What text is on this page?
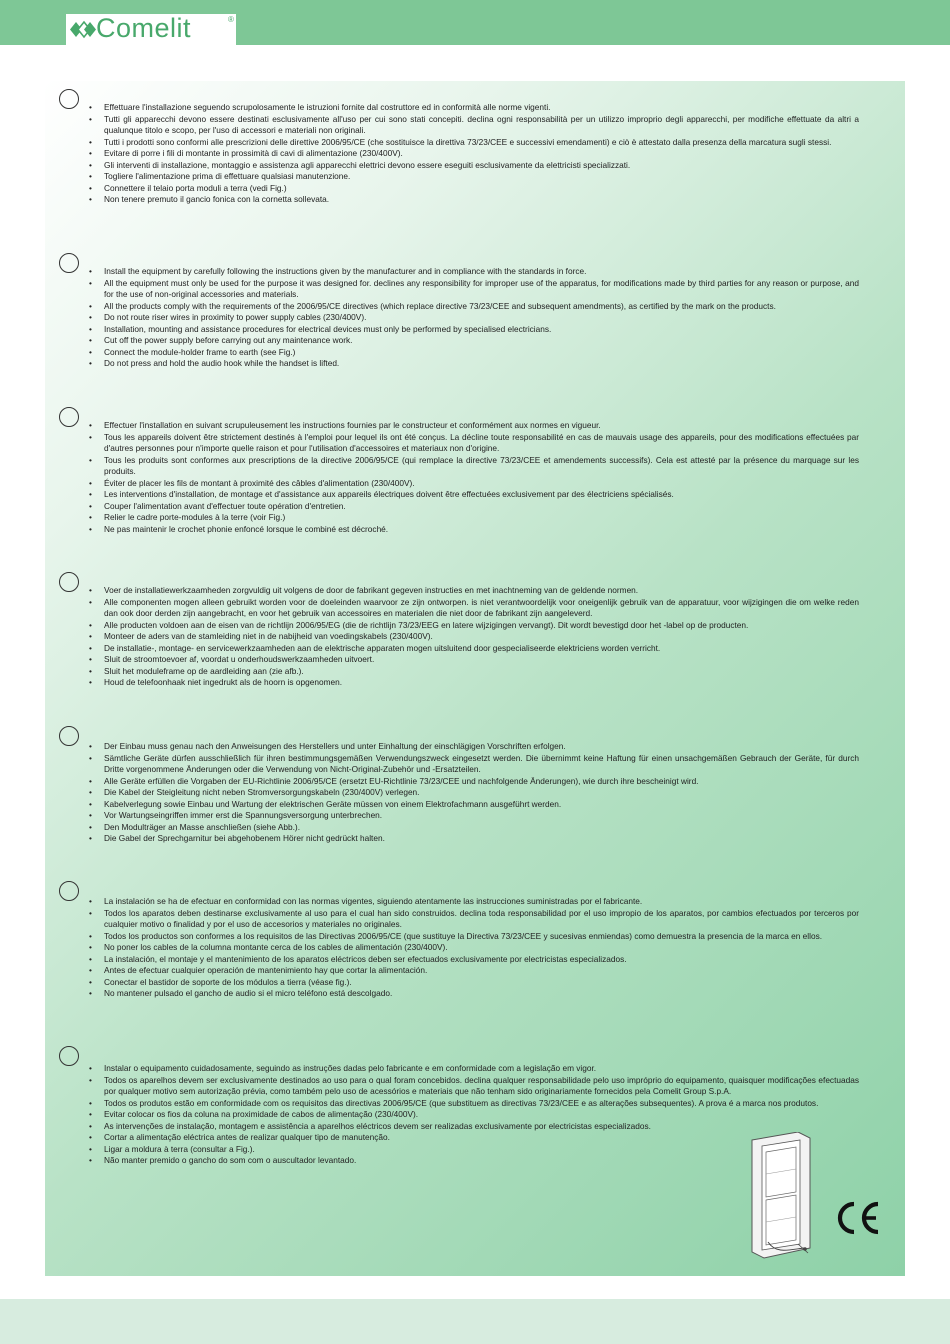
Comelit	®
• Effettuare l'installazione seguendo scrupolosamente le istruzioni fornite dal costruttore ed in conformità alle norme vigenti.
• Tutti gli apparecchi devono essere destinati esclusivamente all'uso per cui sono stati concepiti. declina ogni responsabilità per un utilizzo improprio degli apparecchi, per modifiche effettuate da altri a qualunque titolo e scopo, per l'uso di accessori e materiali non originali.
• Tutti i prodotti sono conformi alle prescrizioni delle direttive 2006/95/CE (che sostituisce la direttiva 73/23/CEE e successivi emendamenti) e ciò è attestato dalla presenza della marcatura sugli stessi.
• Evitare di porre i fili di montante in prossimità di cavi di alimentazione (230/400V).
• Gli interventi di installazione, montaggio e assistenza agli apparecchi elettrici devono essere eseguiti esclusivamente da elettricisti specializzati.
• Togliere l'alimentazione prima di effettuare qualsiasi manutenzione.
• Connettere il telaio porta moduli a terra (vedi Fig.)
• Non tenere premuto il gancio fonica con la cornetta sollevata.
• Install the equipment by carefully following the instructions given by the manufacturer and in compliance with the standards in force.
• All the equipment must only be used for the purpose it was designed for. declines any responsibility for improper use of the apparatus, for modifications made by third parties for any reason or purpose, and for the use of non-original accessories and materials.
• All the products comply with the requirements of the 2006/95/CE directives (which replace directive 73/23/CEE and subsequent amendments), as certified by the mark on the products.
• Do not route riser wires in proximity to power supply cables (230/400V).
• Installation, mounting and assistance procedures for electrical devices must only be performed by specialised electricians.
• Cut off the power supply before carrying out any maintenance work.
• Connect the module-holder frame to earth (see Fig.)
• Do not press and hold the audio hook while the handset is lifted.
• Effectuer l'installation en suivant scrupuleusement les instructions fournies par le constructeur et conformément aux normes en vigueur.
• Tous les appareils doivent être strictement destinés à l'emploi pour lequel ils ont été conçus. La décline toute responsabilité en cas de mauvais usage des appareils, pour des modifications effectuées par d'autres personnes pour n'importe quelle raison et pour l'utilisation d'accessoires et materiaux non d'origine.
• Tous les produits sont conformes aux prescriptions de la directive 2006/95/CE (qui remplace la directive 73/23/CEE et amendements successifs). Cela est attesté par la présence du marquage sur les produits.
• Éviter de placer les fils de montant à proximité des câbles d'alimentation (230/400V).
• Les interventions d'installation, de montage et d'assistance aux appareils électriques doivent être effectuées exclusivement par des électriciens spécialisés.
• Couper l'alimentation avant d'effectuer toute opération d'entretien.
• Relier le cadre porte-modules à la terre (voir Fig.)
• Ne pas maintenir le crochet phonie enfoncé lorsque le combiné est décroché.
• Voer de installatiewerkzaamheden zorgvuldig uit volgens de door de fabrikant gegeven instructies en met inachtneming van de geldende normen.
• Alle componenten mogen alleen gebruikt worden voor de doeleinden waarvoor ze zijn ontworpen. is niet verantwoordelijk voor oneigenlijk gebruik van de apparatuur, voor wijzigingen die om welke reden dan ook door derden zijn aangebracht, en voor het gebruik van accessoires en materialen die niet door de fabrikant zijn aangeleverd.
• Alle producten voldoen aan de eisen van de richtlijn 2006/95/EG (die de richtlijn 73/23/EEG en latere wijzigingen vervangt). Dit wordt bevestigd door het -label op de producten.
• Monteer de aders van de stamleiding niet in de nabijheid van voedingskabels (230/400V).
• De installatie-, montage- en servicewerkzaamheden aan de elektrische apparaten mogen uitsluitend door gespecialiseerde elektriciens worden verricht.
• Sluit de stroomtoevoer af, voordat u onderhoudswerkzaamheden uitvoert.
• Sluit het moduleframe op de aardleiding aan (zie afb.).
• Houd de telefoonhaak niet ingedrukt als de hoorn is opgenomen.
• Der Einbau muss genau nach den Anweisungen des Herstellers und unter Einhaltung der einschlägigen Vorschriften erfolgen.
• Sämtliche Geräte dürfen ausschließlich für ihren bestimmungsgemäßen Verwendungszweck eingesetzt werden. Die übernimmt keine Haftung für einen unsachgemäßen Gebrauch der Geräte, für durch Dritte vorgenommene Änderungen oder die Verwendung von Nicht-Original-Zubehör und -Ersatzteilen.
• Alle Geräte erfüllen die Vorgaben der EU-Richtlinie 2006/95/CE (ersetzt EU-Richtlinie 73/23/CEE und nachfolgende Änderungen), wie durch ihre bescheinigt wird.
• Die Kabel der Steigleitung nicht neben Stromversorgungskabeln (230/400V) verlegen.
• Kabelverlegung sowie Einbau und Wartung der elektrischen Geräte müssen von einem Elektrofachmann ausgeführt werden.
• Vor Wartungseingriffen immer erst die Spannungsversorgung unterbrechen.
• Den Modulträger an Masse anschließen (siehe Abb.).
• Die Gabel der Sprechgarnitur bei abgehobenem Hörer nicht gedrückt halten.
• La instalación se ha de efectuar en conformidad con las normas vigentes, siguiendo atentamente las instrucciones suministradas por el fabricante.
• Todos los aparatos deben destinarse exclusivamente al uso para el cual han sido construidos. declina toda responsabilidad por el uso impropio de los aparatos, por cambios efectuados por terceros por cualquier motivo o finalidad y por el uso de accesorios y materiales no originales.
• Todos los productos son conformes a los requisitos de las Directivas 2006/95/CE (que sustituye la Directiva 73/23/CEE y sucesivas enmiendas) como demuestra la presencia de la marca en ellos.
• No poner los cables de la columna montante cerca de los cables de alimentación (230/400V).
• La instalación, el montaje y el mantenimiento de los aparatos eléctricos deben ser efectuados exclusivamente por electricistas especializados.
• Antes de efectuar cualquier operación de mantenimiento hay que cortar la alimentación.
• Conectar el bastidor de soporte de los módulos a tierra (véase fig.).
• No mantener pulsado el gancho de audio si el micro teléfono está descolgado.
• Instalar o equipamento cuidadosamente, seguindo as instruções dadas pelo fabricante e em conformidade com a legislação em vigor.
• Todos os aparelhos devem ser exclusivamente destinados ao uso para o qual foram concebidos. declina qualquer responsabilidade pelo uso impróprio do equipamento, quaisquer modificações efectuadas por qualquer motivo sem autorização prévia, como também pelo uso de acessórios e materiais que não tenham sido originariamente fornecidos pela Comelit Group S.p.A.
• Todos os produtos estão em conformidade com os requisitos das directivas 2006/95/CE (que substituem as directivas 73/23/CEE e as alterações subsequentes). A prova é a marca nos produtos.
• Evitar colocar os fios da coluna na proximidade de cabos de alimentação (230/400V).
• As intervenções de instalação, montagem e assistência a aparelhos eléctricos devem ser realizadas exclusivamente por electricistas especializados.
• Cortar a alimentação eléctrica antes de realizar qualquer tipo de manutenção.
• Ligar a moldura à terra (consultar a Fig.).
• Não manter premido o gancho do som com o auscultador levantado.
